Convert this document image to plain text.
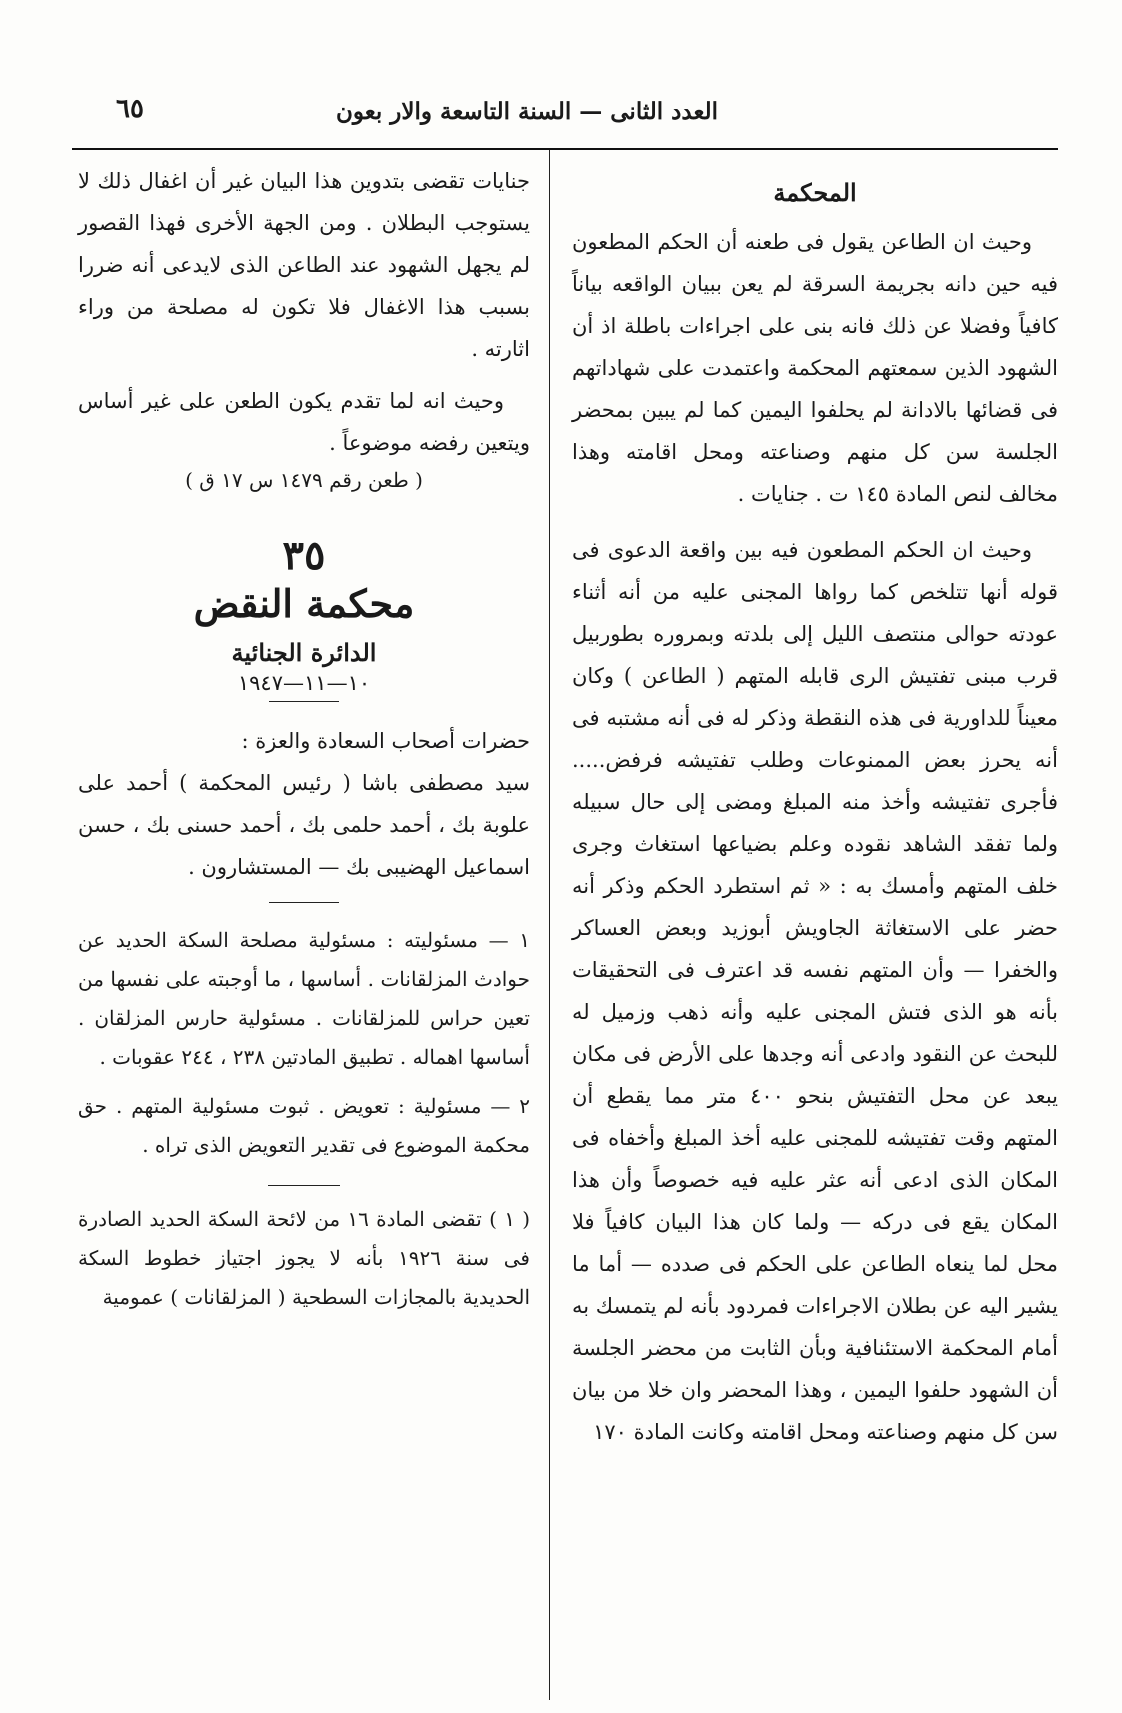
العدد الثانى — السنة التاسعة والار بعون
٦٥
المحكمة

وحيث ان الطاعن يقول فى طعنه أن الحكم المطعون فيه حين دانه بجريمة السرقة لم يعن ببيان الواقعه بياناً كافياً وفضلا عن ذلك فانه بنى على اجراءات باطلة اذ أن الشهود الذين سمعتهم المحكمة واعتمدت على شهاداتهم فى قضائها بالادانة لم يحلفوا اليمين كما لم يبين بمحضر الجلسة سن كل منهم وصناعته ومحل اقامته وهذا مخالف لنص المادة ١٤٥ ت . جنايات .

وحيث ان الحكم المطعون فيه بين واقعة الدعوى فى قوله أنها تتلخص كما رواها المجنى عليه من أنه أثناء عودته حوالى منتصف الليل إلى بلدته وبمروره بطوربيل قرب مبنى تفتيش الرى قابله المتهم ( الطاعن ) وكان معيناً للداورية فى هذه النقطة وذكر له فى أنه مشتبه فى أنه يحرز بعض الممنوعات وطلب تفتيشه فرفض..... فأجرى تفتيشه وأخذ منه المبلغ ومضى إلى حال سبيله ولما تفقد الشاهد نقوده وعلم بضياعها استغاث وجرى خلف المتهم وأمسك به : « ثم استطرد الحكم وذكر أنه حضر على الاستغاثة الجاويش أبوزيد وبعض العساكر والخفرا — وأن المتهم نفسه قد اعترف فى التحقيقات بأنه هو الذى فتش المجنى عليه وأنه ذهب وزميل له للبحث عن النقود وادعى أنه وجدها على الأرض فى مكان يبعد عن محل التفتيش بنحو ٤٠٠ متر مما يقطع أن المتهم وقت تفتيشه للمجنى عليه أخذ المبلغ وأخفاه فى المكان الذى ادعى أنه عثر عليه فيه خصوصاً وأن هذا المكان يقع فى دركه — ولما كان هذا البيان كافياً فلا محل لما ينعاه الطاعن على الحكم فى صدده — أما ما يشير اليه عن بطلان الاجراءات فمردود بأنه لم يتمسك به أمام المحكمة الاستئنافية وبأن الثابت من محضر الجلسة أن الشهود حلفوا اليمين ، وهذا المحضر وان خلا من بيان سن كل منهم وصناعته ومحل اقامته وكانت المادة ١٧٠

جنايات تقضى بتدوين هذا البيان غير أن اغفال ذلك لا يستوجب البطلان . ومن الجهة الأخرى فهذا القصور لم يجهل الشهود عند الطاعن الذى لايدعى أنه ضررا بسبب هذا الاغفال فلا تكون له مصلحة من وراء اثارته .

وحيث انه لما تقدم يكون الطعن على غير أساس ويتعين رفضه موضوعاً .

( طعن رقم ١٤٧٩ س ١٧ ق )
٣٥
محكمة النقض
الدائرة الجنائية
١٠—١١—١٩٤٧

حضرات أصحاب السعادة والعزة :

سيد مصطفى باشا ( رئيس المحكمة ) أحمد على علوبة بك ، أحمد حلمى بك ، أحمد حسنى بك ، حسن اسماعيل الهضيبى بك — المستشارون .

١ — مسئوليته : مسئولية مصلحة السكة الحديد عن حوادث المزلقانات . أساسها ، ما أوجبته على نفسها من تعين حراس للمزلقانات . مسئولية حارس المزلقان . أساسها اهماله . تطبيق المادتين ٢٣٨ ، ٢٤٤ عقوبات .

٢ — مسئولية : تعويض . ثبوت مسئولية المتهم . حق محكمة الموضوع فى تقدير التعويض الذى تراه .

( ١ ) تقضى المادة ١٦ من لائحة السكة الحديد الصادرة فى سنة ١٩٢٦ بأنه لا يجوز اجتياز خطوط السكة الحديدية بالمجازات السطحية ( المزلقانات ) عمومية
